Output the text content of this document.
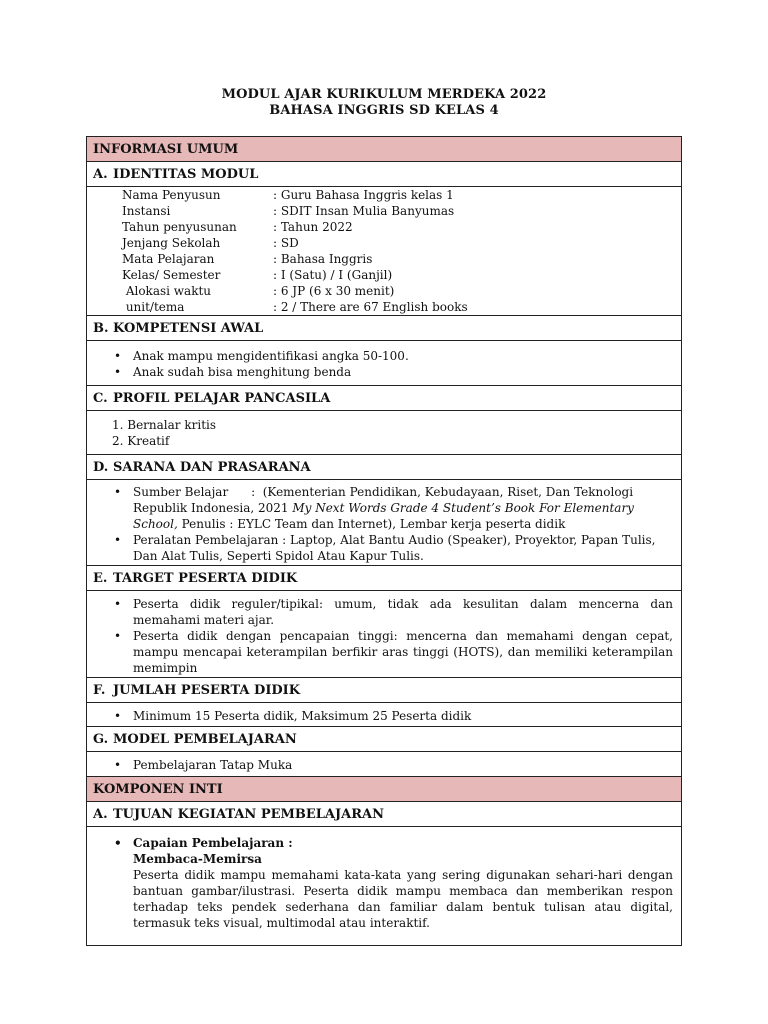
MODUL AJAR KURIKULUM MERDEKA 2022
BAHASA INGGRIS SD KELAS 4
INFORMASI UMUM
A. IDENTITAS MODUL
Nama Penyusun	: Guru Bahasa Inggris kelas 1
Instansi	: SDIT Insan Mulia Banyumas
Tahun penyusunan	: Tahun 2022
Jenjang Sekolah	: SD
Mata Pelajaran	: Bahasa Inggris
Kelas/ Semester	: I (Satu) / I (Ganjil)
Alokasi waktu	: 6 JP (6 x 30 menit)
unit/tema	: 2 / There are 67 English books
B. KOMPETENSI AWAL
• Anak mampu mengidentifikasi angka 50-100.
• Anak sudah bisa menghitung benda
C. PROFIL PELAJAR PANCASILA
1. Bernalar kritis
2. Kreatif
D. SARANA DAN PRASARANA
• Sumber Belajar      :  (Kementerian Pendidikan, Kebudayaan, Riset, Dan Teknologi Republik Indonesia, 2021 My Next Words Grade 4 Student’s Book For Elementary School, Penulis : EYLC Team dan Internet), Lembar kerja peserta didik
• Peralatan Pembelajaran : Laptop, Alat Bantu Audio (Speaker), Proyektor, Papan Tulis, Dan Alat Tulis, Seperti Spidol Atau Kapur Tulis.
E. TARGET PESERTA DIDIK
• Peserta didik reguler/tipikal: umum, tidak ada kesulitan dalam mencerna dan memahami materi ajar.
• Peserta didik dengan pencapaian tinggi: mencerna dan memahami dengan cepat, mampu mencapai keterampilan berfikir aras tinggi (HOTS), dan memiliki keterampilan memimpin
F. JUMLAH PESERTA DIDIK
• Minimum 15 Peserta didik, Maksimum 25 Peserta didik
G. MODEL PEMBELAJARAN
• Pembelajaran Tatap Muka
KOMPONEN INTI
A. TUJUAN KEGIATAN PEMBELAJARAN
• Capaian Pembelajaran :
Membaca-Memirsa
Peserta didik mampu memahami kata-kata yang sering digunakan sehari-hari dengan bantuan gambar/ilustrasi. Peserta didik mampu membaca dan memberikan respon terhadap teks pendek sederhana dan familiar dalam bentuk tulisan atau digital, termasuk teks visual, multimodal atau interaktif.
